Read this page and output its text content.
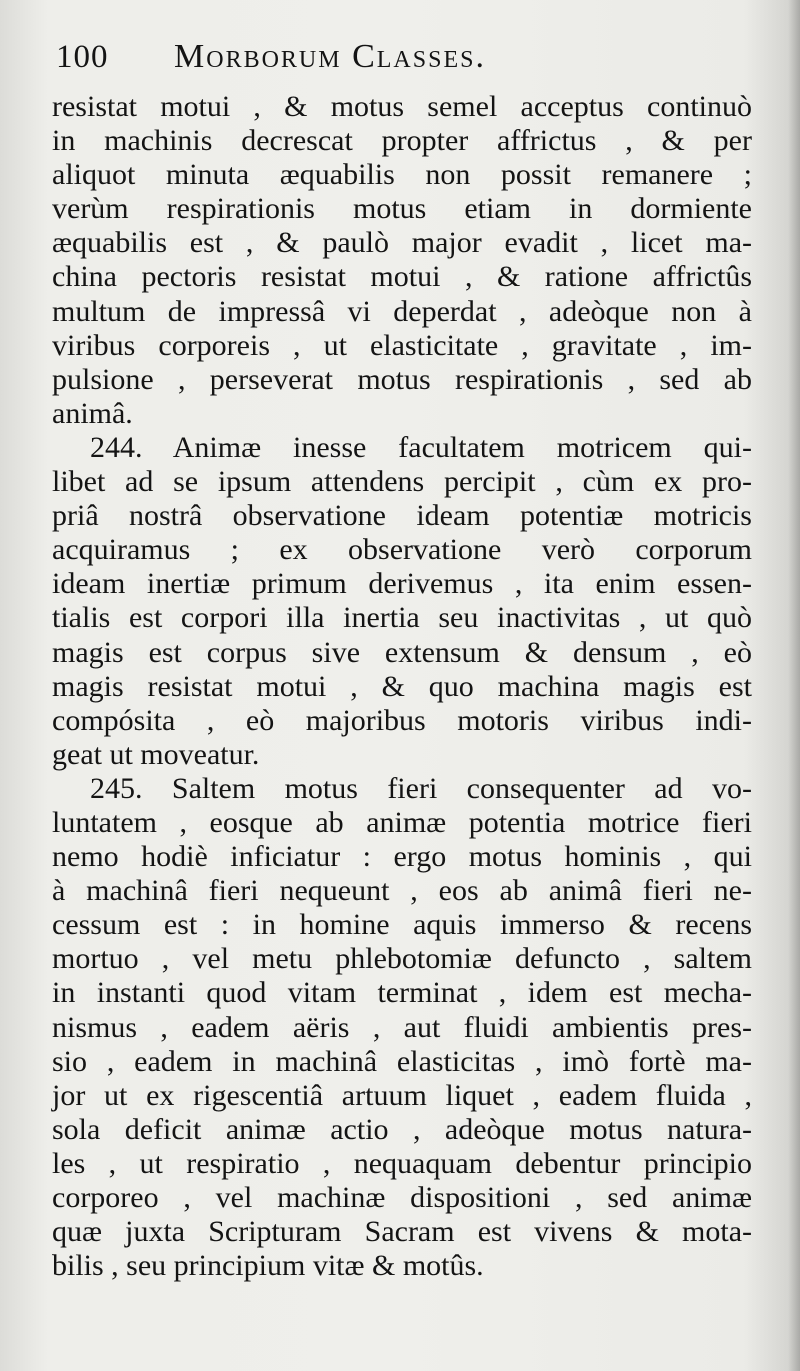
100	Morborum Classes.
resistat motui , & motus semel acceptus continuò
in machinis decrescat propter affrictus , & per
aliquot minuta æquabilis non possit remanere ;
verùm respirationis motus etiam in dormiente
æquabilis est , & paulò major evadit , licet ma-
china pectoris resistat motui , & ratione affrictûs
multum de impressâ vi deperdat , adeòque non à
viribus corporeis , ut elasticitate , gravitate , im-
pulsione , perseverat motus respirationis , sed ab
animâ.
244. Animæ inesse facultatem motricem qui-
libet ad se ipsum attendens percipit , cùm ex pro-
priâ nostrâ observatione ideam potentiæ motricis
acquiramus ; ex observatione verò corporum
ideam inertiæ primum derivemus , ita enim essen-
tialis est corpori illa inertia seu inactivitas , ut quò
magis est corpus sive extensum & densum , eò
magis resistat motui , & quo machina magis est
compósita , eò majoribus motoris viribus indi-
geat ut moveatur.
245. Saltem motus fieri consequenter ad vo-
luntatem , eosque ab animæ potentia motrice fieri
nemo hodiè inficiatur : ergo motus hominis , qui
à machinâ fieri nequeunt , eos ab animâ fieri ne-
cessum est : in homine aquis immerso & recens
mortuo , vel metu phlebotomiæ defuncto , saltem
in instanti quod vitam terminat , idem est mecha-
nismus , eadem aëris , aut fluidi ambientis pres-
sio , eadem in machinâ elasticitas , imò fortè ma-
jor ut ex rigescentiâ artuum liquet , eadem fluida ,
sola deficit animæ actio , adeòque motus natura-
les , ut respiratio , nequaquam debentur principio
corporeo , vel machinæ dispositioni , sed animæ
quæ juxta Scripturam Sacram est vivens & mota-
bilis , seu principium vitæ & motûs.
